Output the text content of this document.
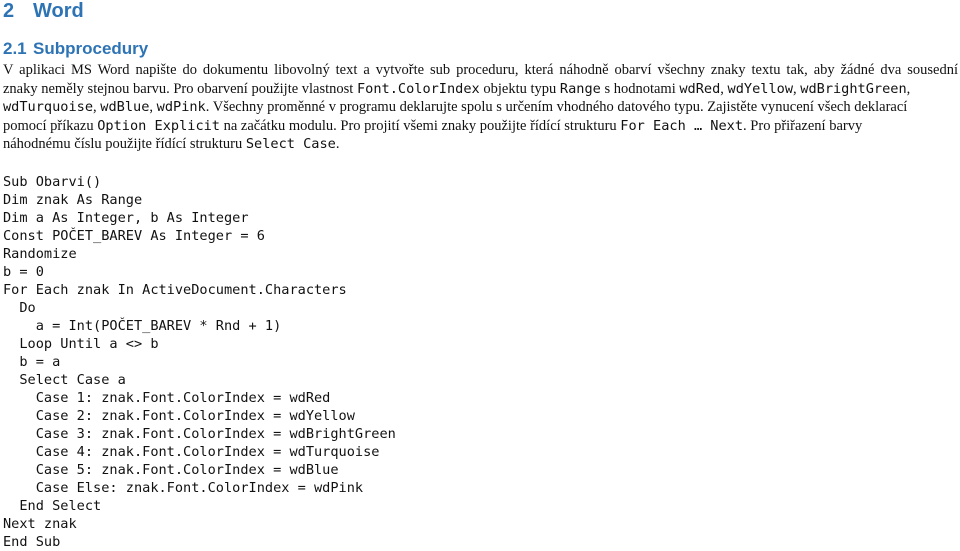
2 Word
2.1 Subprocedury
V aplikaci MS Word napište do dokumentu libovolný text a vytvořte sub proceduru, která náhodně obarví všechny znaky textu tak, aby žádné dva sousední
znaky neměly stejnou barvu. Pro obarvení použijte vlastnost Font.ColorIndex objektu typu Range s hodnotami wdRed, wdYellow, wdBrightGreen,
wdTurquoise, wdBlue, wdPink. Všechny proměnné v programu deklarujte spolu s určením vhodného datového typu. Zajistěte vynucení všech deklarací
pomocí příkazu Option Explicit na začátku modulu. Pro projití všemi znaky použijte řídící strukturu For Each … Next. Pro přiřazení barvy
náhodnému číslu použijte řídící strukturu Select Case.
Sub Obarvi()
Dim znak As Range
Dim a As Integer, b As Integer
Const POČET_BAREV As Integer = 6
Randomize
b = 0
For Each znak In ActiveDocument.Characters
Do
a = Int(POČET_BAREV * Rnd + 1)
Loop Until a <> b
b = a
Select Case a
Case 1: znak.Font.ColorIndex = wdRed
Case 2: znak.Font.ColorIndex = wdYellow
Case 3: znak.Font.ColorIndex = wdBrightGreen
Case 4: znak.Font.ColorIndex = wdTurquoise
Case 5: znak.Font.ColorIndex = wdBlue
Case Else: znak.Font.ColorIndex = wdPink
End Select
Next znak
End Sub
